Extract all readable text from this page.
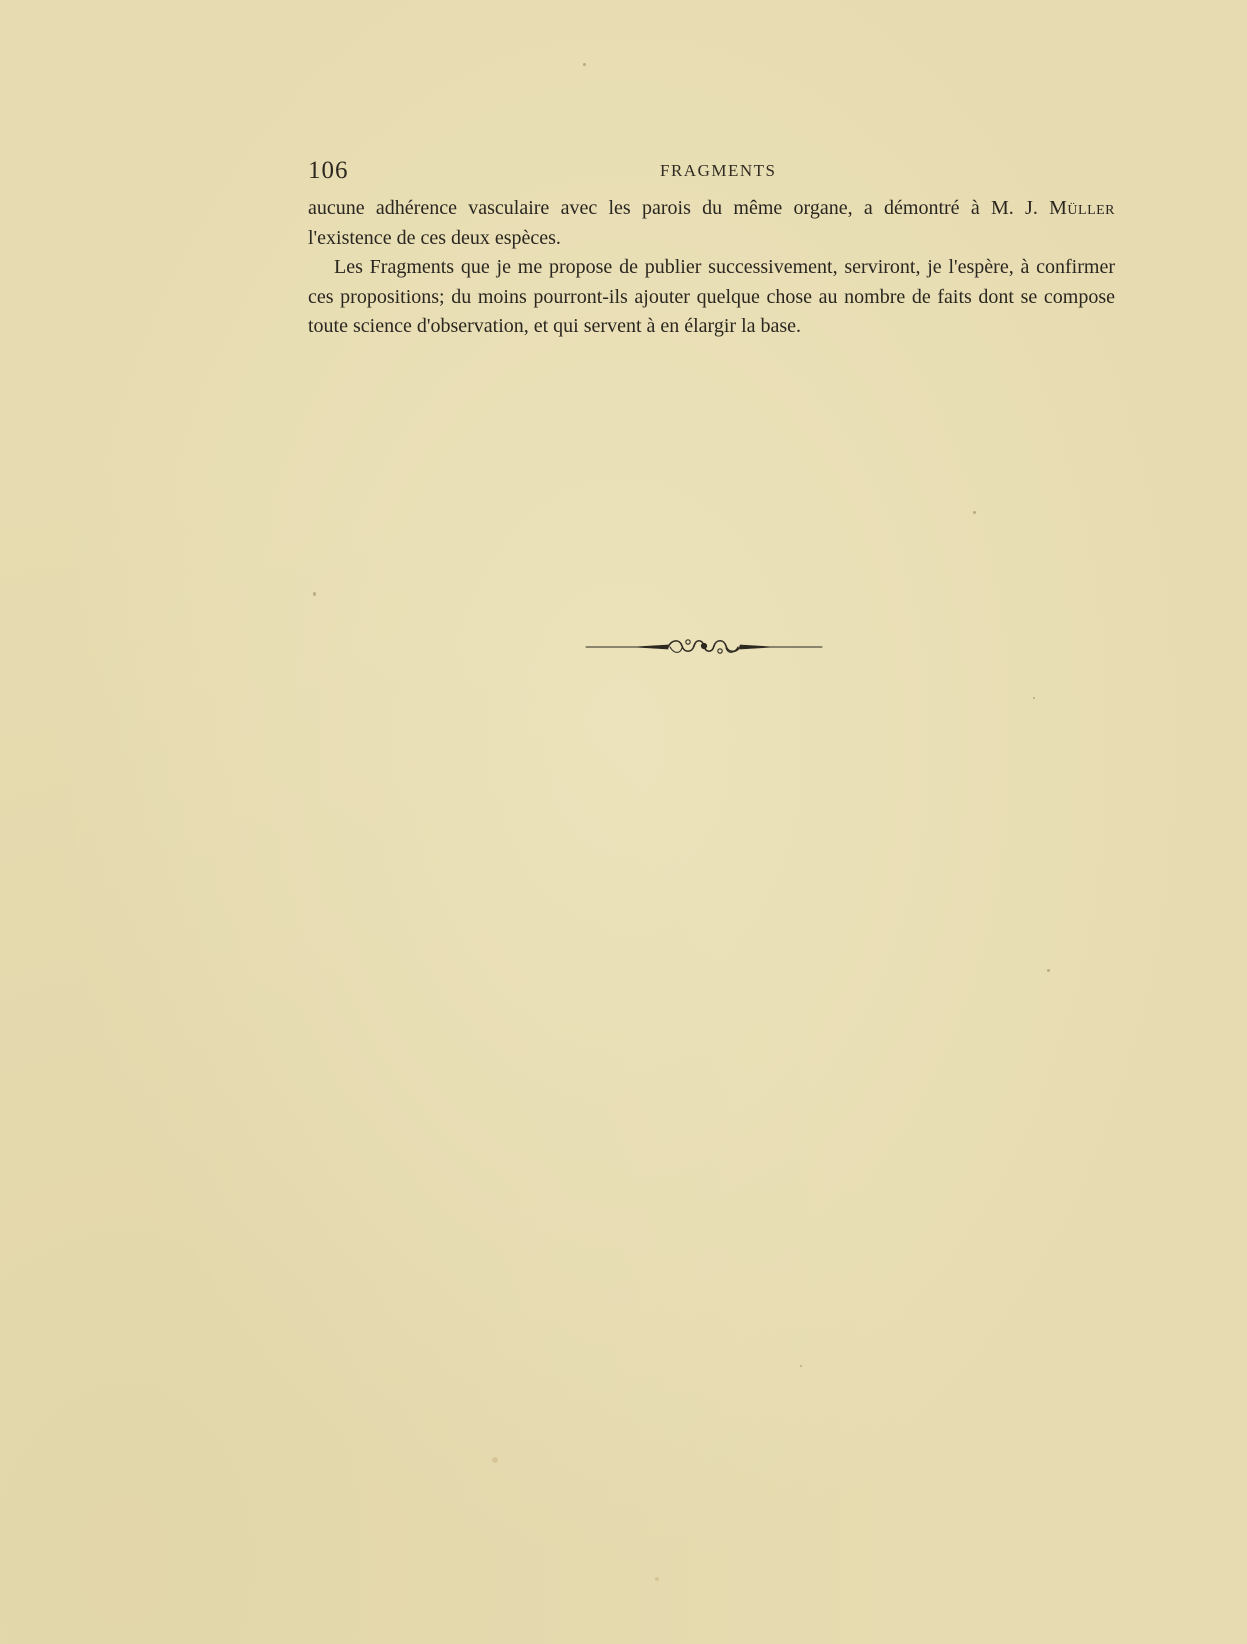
106	FRAGMENTS

aucune adhérence vasculaire avec les parois du même organe, a démontré à M. J. Müller l'existence de ces deux espèces.

Les Fragments que je me propose de publier successivement, serviront, je l'espère, à confirmer ces propositions; du moins pourront-ils ajouter quelque chose au nombre de faits dont se compose toute science d'observation, et qui servent à en élargir la base.
